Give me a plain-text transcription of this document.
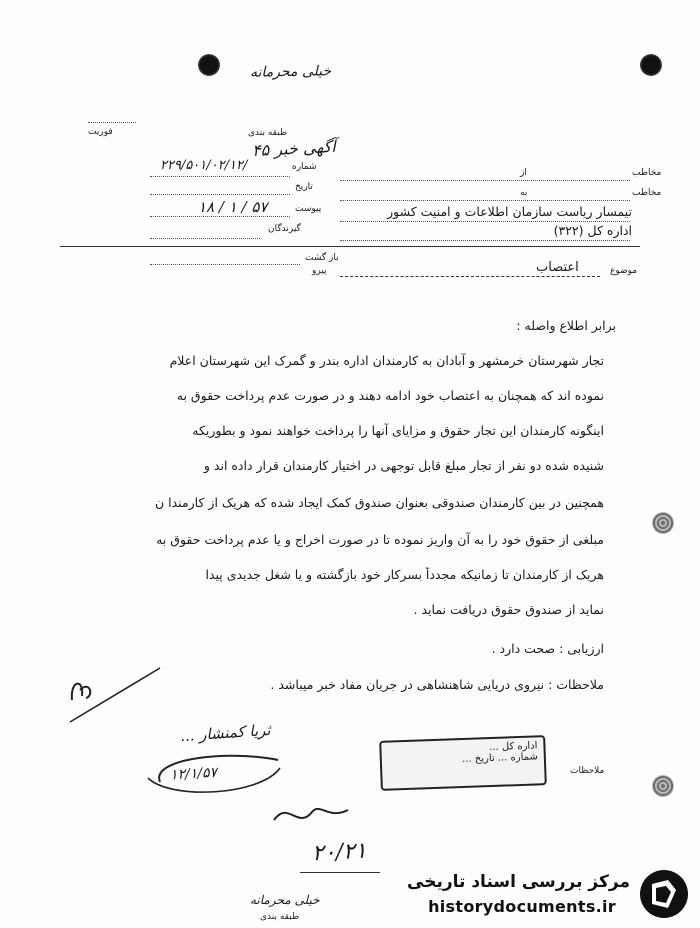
خیلی محرمانه
فوریت	طبقه بندی
آگهی خبر ۴۵
شماره
۲۲۹/۵۰۱/۰۲/۱۲/
تاریخ
پیوست
۱۸ / ۱ / ۵۷
گیرندگان
مخاطب
از
مخاطب
به
تیمسار ریاست سازمان اطلاعات و امنیت کشور
اداره کل (۳۲۲)
باز گشت
پیرو	موضوع
اعتصاب
برابر اطلاع واصله :
تجار شهرستان خرمشهر و آبادان به کارمندان اداره بندر و گمرک این شهرستان اعلام
نموده اند که همچنان به اعتصاب خود ادامه دهند و در صورت عدم پرداخت حقوق به
اینگونه کارمندان این تجار حقوق و مزایای آنها را پرداخت خواهند نمود و بطوریکه
شنیده شده دو نفر از تجار مبلغ قابل توجهی در اختیار کارمندان قرار داده اند و
همچنین در بین کارمندان صندوقی بعنوان صندوق کمک ایجاد شده که هریک از کارمندا ن
مبلغی از حقوق خود را به آن واریز نموده تا در صورت اخراج و یا عدم پرداخت حقوق به
هریک از کارمندان تا زمانیکه مجدداً بسرکار خود بازگشته و یا شغل جدیدی پیدا
نماید از صندوق حقوق دریافت نماید .
ارزیابی : صحت دارد .
ملاحظات : نیروی دریایی شاهنشاهی در جریان مفاد خبر میباشد .
ثریا کمنشار ...
۱۲/۱/۵۷
اداره کل ...
شماره ... تاریخ ...
ملاحظات
۲۰/۲۱
خیلی محرمانه
طبقه بندی
مرکز بررسی اسناد تاریخی
historydocuments.ir
